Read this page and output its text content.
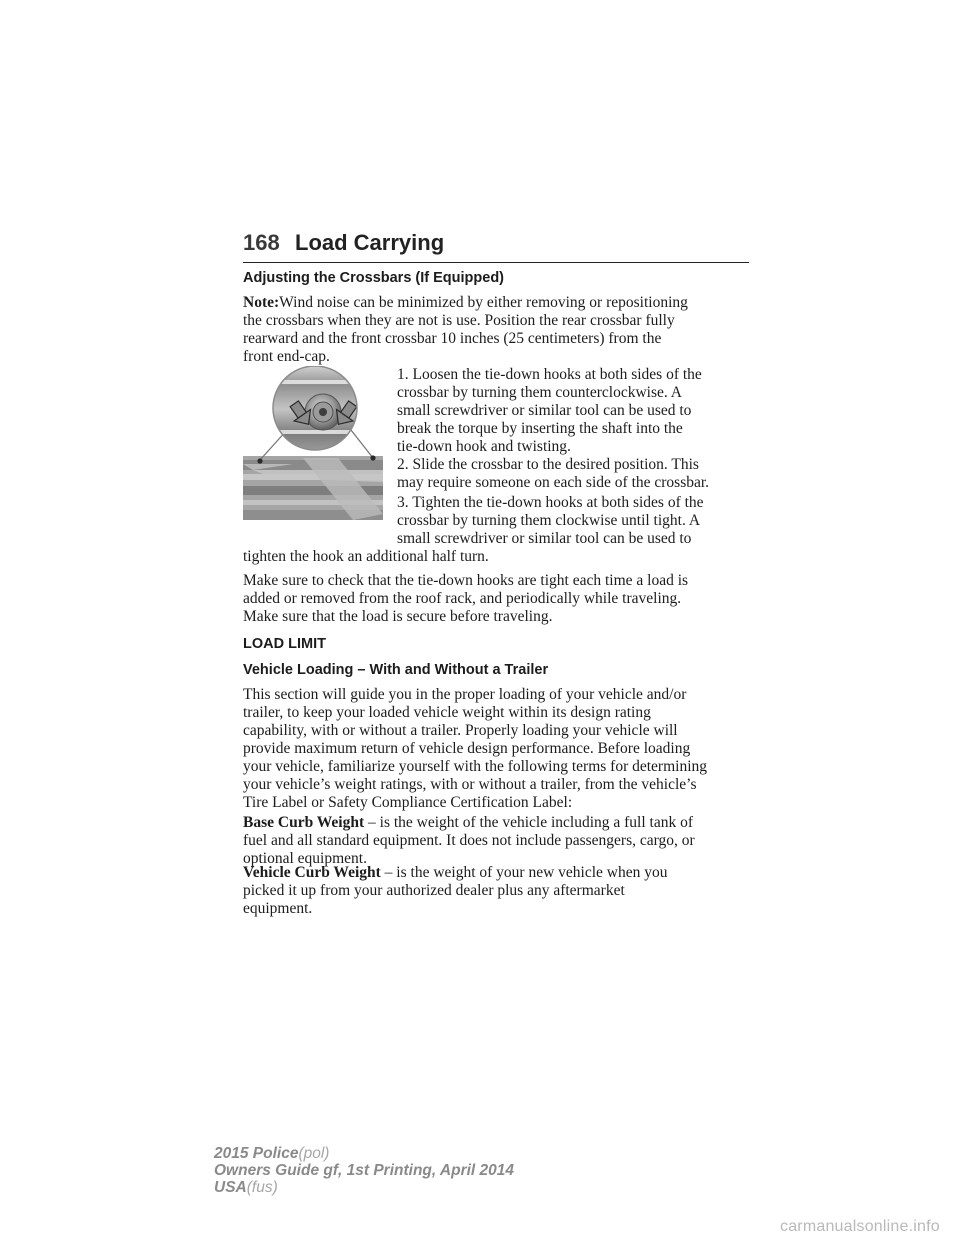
168 Load Carrying
Adjusting the Crossbars (If Equipped)
Note:Wind noise can be minimized by either removing or repositioning
the crossbars when they are not is use. Position the rear crossbar fully
rearward and the front crossbar 10 inches (25 centimeters) from the
front end-cap.
1. Loosen the tie-down hooks at both sides of the
crossbar by turning them counterclockwise. A
small screwdriver or similar tool can be used to
break the torque by inserting the shaft into the
tie-down hook and twisting.
2. Slide the crossbar to the desired position. This
may require someone on each side of the crossbar.
3. Tighten the tie-down hooks at both sides of the
crossbar by turning them clockwise until tight. A
small screwdriver or similar tool can be used to
tighten the hook an additional half turn.
Make sure to check that the tie-down hooks are tight each time a load is
added or removed from the roof rack, and periodically while traveling.
Make sure that the load is secure before traveling.
LOAD LIMIT
Vehicle Loading – With and Without a Trailer
This section will guide you in the proper loading of your vehicle and/or
trailer, to keep your loaded vehicle weight within its design rating
capability, with or without a trailer. Properly loading your vehicle will
provide maximum return of vehicle design performance. Before loading
your vehicle, familiarize yourself with the following terms for determining
your vehicle’s weight ratings, with or without a trailer, from the vehicle’s
Tire Label or Safety Compliance Certification Label:
Base Curb Weight – is the weight of the vehicle including a full tank of
fuel and all standard equipment. It does not include passengers, cargo, or
optional equipment.
Vehicle Curb Weight – is the weight of your new vehicle when you
picked it up from your authorized dealer plus any aftermarket
equipment.
2015 Police(pol)
Owners Guide gf, 1st Printing, April 2014
USA(fus)
carmanualsonline.info
